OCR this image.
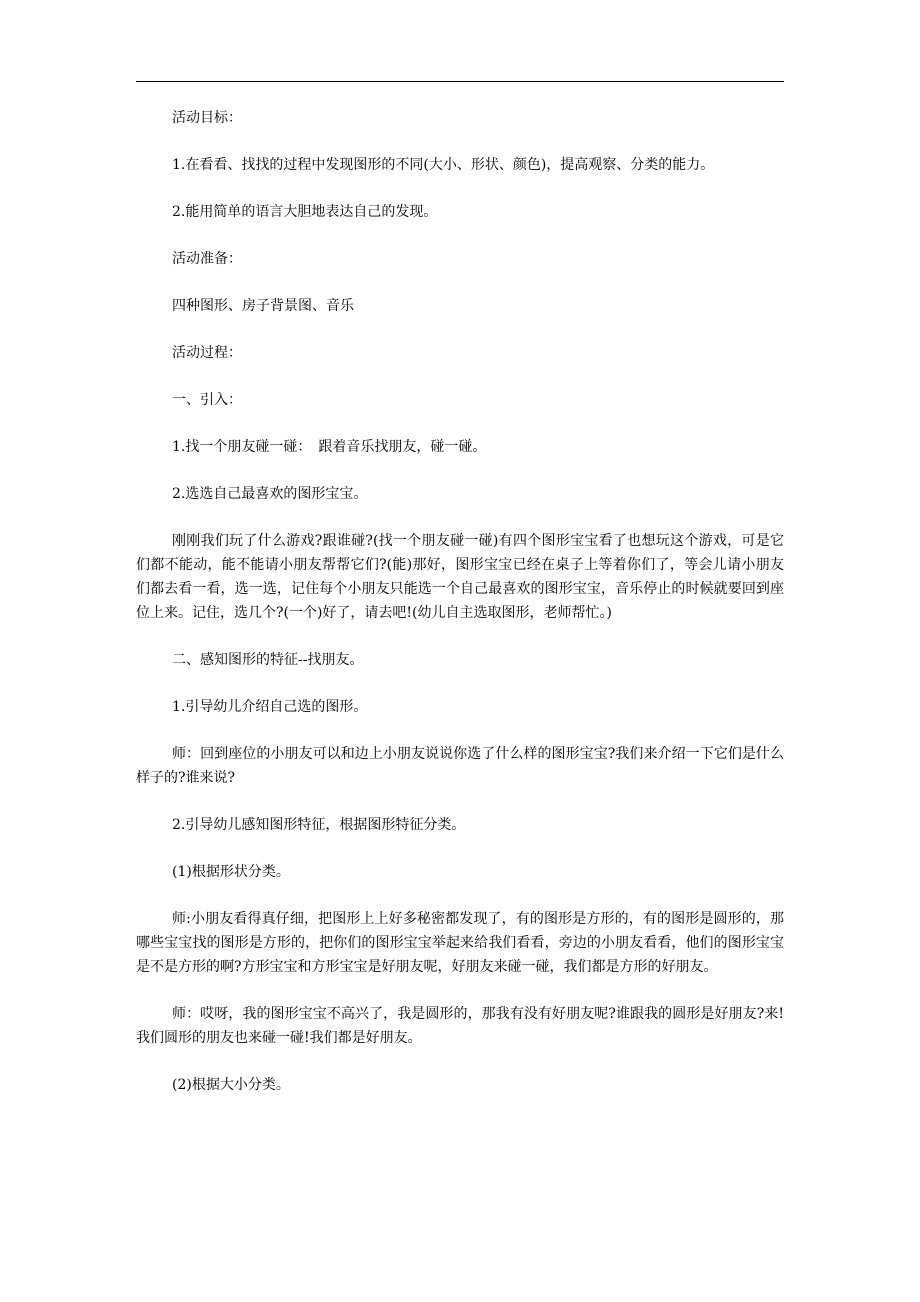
活动目标：

1.在看看、找找的过程中发现图形的不同(大小、形状、颜色)，提高观察、分类的能力。

2.能用简单的语言大胆地表达自己的发现。

活动准备：

四种图形、房子背景图、音乐

活动过程：

一、引入：

1.找一个朋友碰一碰：　跟着音乐找朋友，碰一碰。

2.选选自己最喜欢的图形宝宝。

刚刚我们玩了什么游戏?跟谁碰?(找一个朋友碰一碰)有四个图形宝宝看了也想玩这个游戏，可是它们都不能动，能不能请小朋友帮帮它们?(能)那好，图形宝宝已经在桌子上等着你们了，等会儿请小朋友们都去看一看，选一选，记住每个小朋友只能选一个自己最喜欢的图形宝宝，音乐停止的时候就要回到座位上来。记住，选几个?(一个)好了，请去吧!(幼儿自主选取图形，老师帮忙。)

二、感知图形的特征--找朋友。

1.引导幼儿介绍自己选的图形。

师：回到座位的小朋友可以和边上小朋友说说你选了什么样的图形宝宝?我们来介绍一下它们是什么样子的?谁来说?

2.引导幼儿感知图形特征，根据图形特征分类。

(1)根据形状分类。

师:小朋友看得真仔细，把图形上上好多秘密都发现了，有的图形是方形的，有的图形是圆形的，那哪些宝宝找的图形是方形的，把你们的图形宝宝举起来给我们看看，旁边的小朋友看看，他们的图形宝宝是不是方形的啊?方形宝宝和方形宝宝是好朋友呢，好朋友来碰一碰，我们都是方形的好朋友。

师：哎呀，我的图形宝宝不高兴了，我是圆形的，那我有没有好朋友呢?谁跟我的圆形是好朋友?来!我们圆形的朋友也来碰一碰!我们都是好朋友。

(2)根据大小分类。
